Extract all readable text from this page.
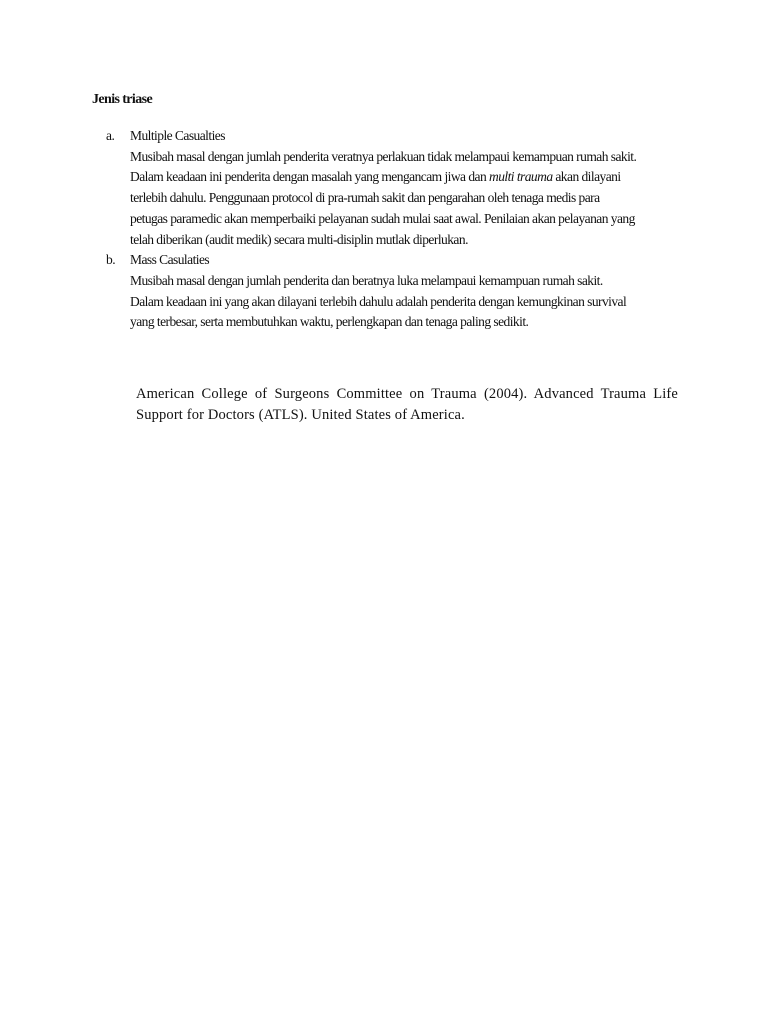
Jenis triase
a. Multiple Casualties
Musibah masal dengan jumlah penderita veratnya perlakuan tidak melampaui kemampuan rumah sakit.
Dalam keadaan ini penderita dengan masalah yang mengancam jiwa dan multi trauma akan dilayani
terlebih dahulu. Penggunaan protocol di pra-rumah sakit dan pengarahan oleh tenaga medis para
petugas paramedic akan memperbaiki pelayanan sudah mulai saat awal. Penilaian akan pelayanan yang
telah diberikan (audit medik) secara multi-disiplin mutlak diperlukan.
b. Mass Casulaties
Musibah masal dengan jumlah penderita dan beratnya luka melampaui kemampuan rumah sakit.
Dalam keadaan ini yang akan dilayani terlebih dahulu adalah penderita dengan kemungkinan survival
yang terbesar, serta membutuhkan waktu, perlengkapan dan tenaga paling sedikit.
American College of Surgeons Committee on Trauma (2004). Advanced Trauma Life Support for Doctors (ATLS). United States of America.
